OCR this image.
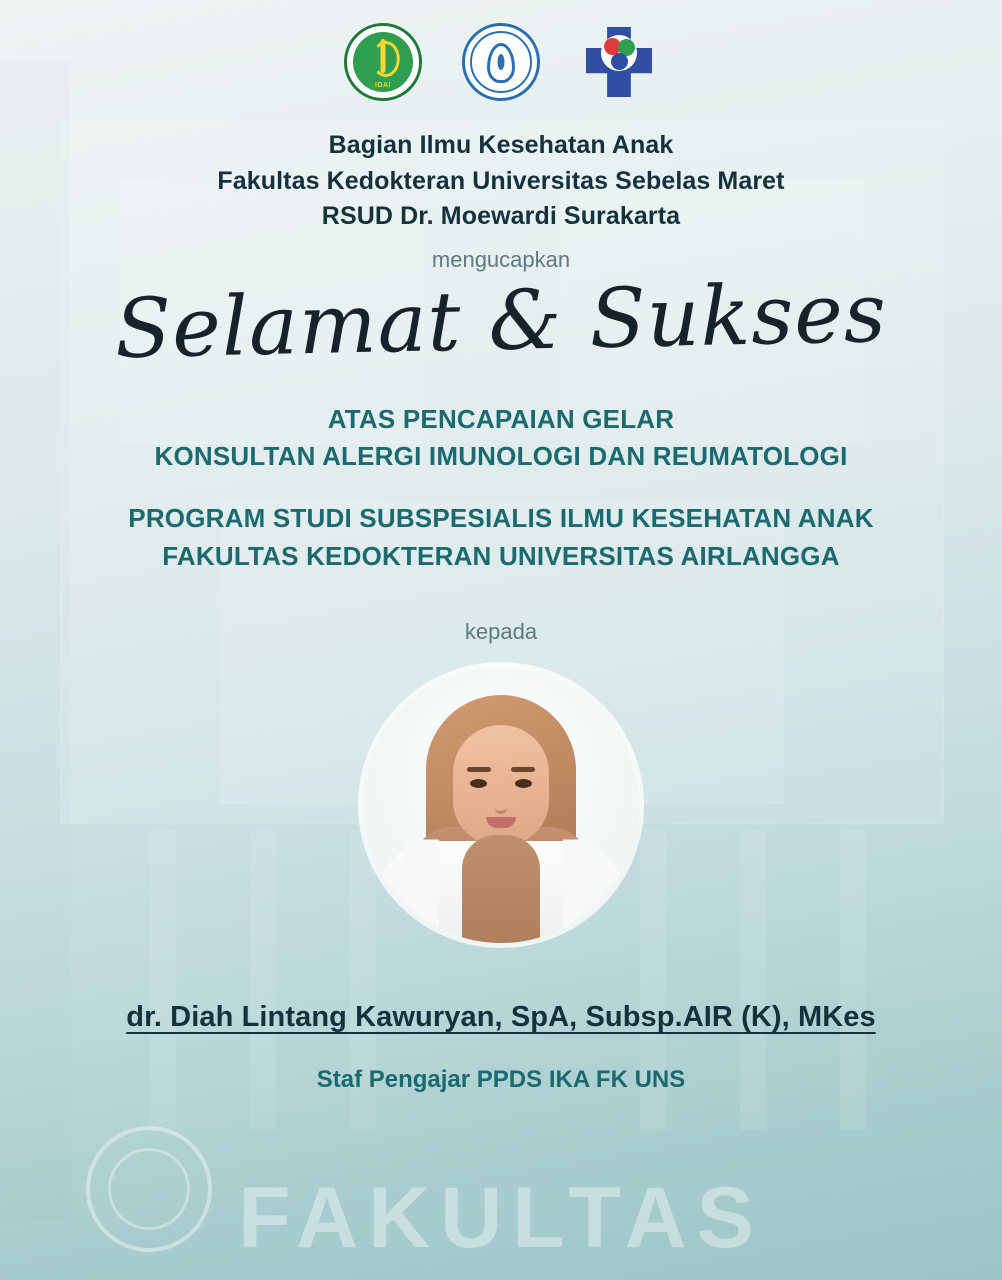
FAKULTAS
IDAI
Bagian Ilmu Kesehatan Anak
Fakultas Kedokteran Universitas Sebelas Maret
RSUD Dr. Moewardi Surakarta
mengucapkan
Selamat & Sukses
ATAS PENCAPAIAN GELAR
KONSULTAN ALERGI IMUNOLOGI DAN REUMATOLOGI
PROGRAM STUDI SUBSPESIALIS ILMU KESEHATAN ANAK
FAKULTAS KEDOKTERAN UNIVERSITAS AIRLANGGA
kepada
dr. Diah Lintang Kawuryan, SpA, Subsp.AIR (K), MKes
Staf Pengajar PPDS IKA FK UNS
